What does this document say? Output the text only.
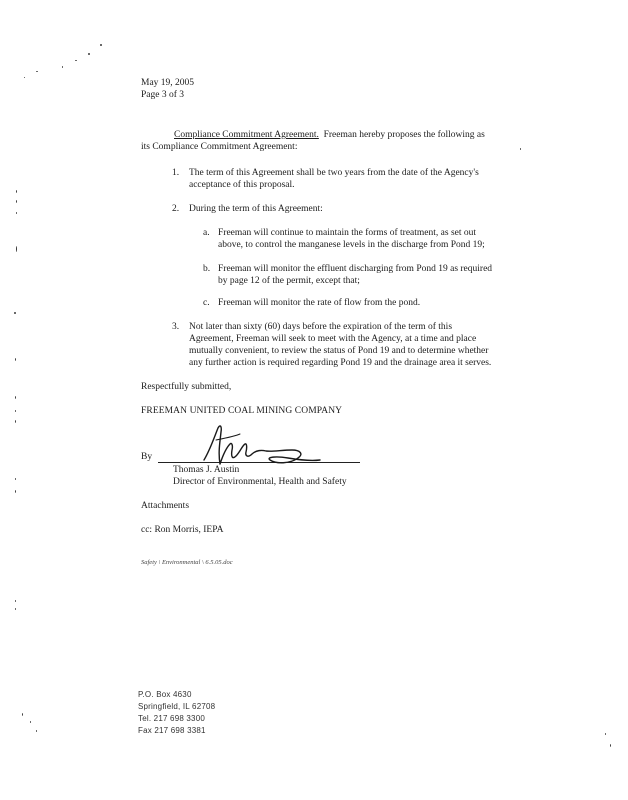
May 19, 2005
Page 3 of 3
Compliance Commitment Agreement. Freeman hereby proposes the following as
its Compliance Commitment Agreement:
1. The term of this Agreement shall be two years from the date of the Agency's
acceptance of this proposal.
2. During the term of this Agreement:
a. Freeman will continue to maintain the forms of treatment, as set out
above, to control the manganese levels in the discharge from Pond 19;
b. Freeman will monitor the effluent discharging from Pond 19 as required
by page 12 of the permit, except that;
c. Freeman will monitor the rate of flow from the pond.
3. Not later than sixty (60) days before the expiration of the term of this
Agreement, Freeman will seek to meet with the Agency, at a time and place
mutually convenient, to review the status of Pond 19 and to determine whether
any further action is required regarding Pond 19 and the drainage area it serves.
Respectfully submitted,
FREEMAN UNITED COAL MINING COMPANY
By
Thomas J. Austin
Director of Environmental, Health and Safety
Attachments
cc: Ron Morris, IEPA
Safety \ Environmental \ 6.5.05.doc
P.O. Box 4630
Springfield, IL 62708
Tel. 217 698 3300
Fax 217 698 3381
